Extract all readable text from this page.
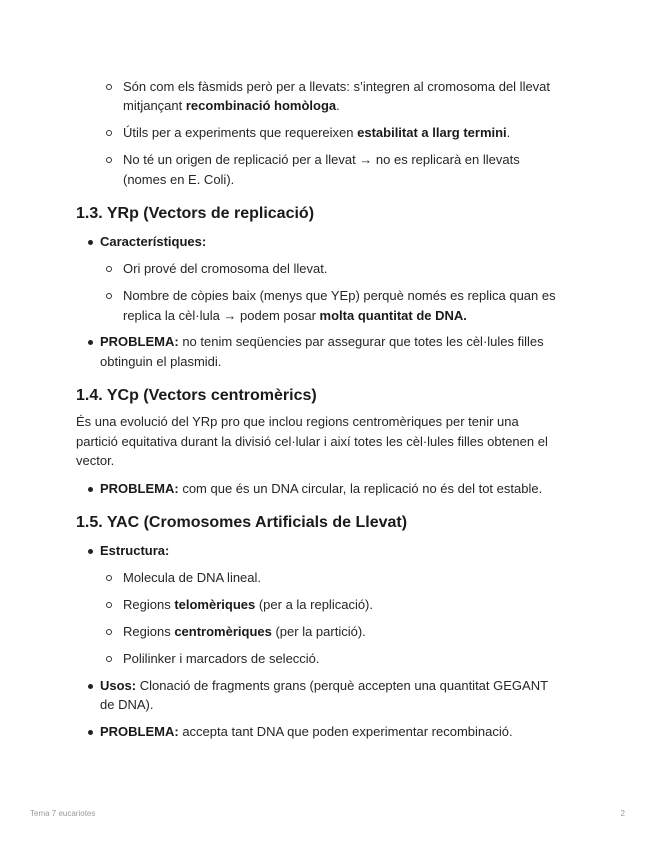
Són com els fàsmids però per a llevats: s’integren al cromosoma del llevat
mitjançant recombinació homòloga.
Útils per a experiments que requereixen estabilitat a llarg termini.
No té un origen de replicació per a llevat → no es replicarà en llevats
(nomes en E. Coli).
1.3. YRp (Vectors de replicació)
Característiques:
Ori prové del cromosoma del llevat.
Nombre de còpies baix (menys que YEp) perquè només es replica quan es
replica la cèl·lula → podem posar molta quantitat de DNA.
PROBLEMA: no tenim seqüencies par assegurar que totes les cèl·lules filles
obtinguin el plasmidi.
1.4. YCp (Vectors centromèrics)
És una evolució del YRp pro que inclou regions centromèriques per tenir una
partició equitativa durant la divisió cel·lular i així totes les cèl·lules filles obtenen el
vector.
PROBLEMA: com que és un DNA circular, la replicació no és del tot estable.
1.5. YAC (Cromosomes Artificials de Llevat)
Estructura:
Molecula de DNA lineal.
Regions telomèriques (per a la replicació).
Regions centromèriques (per la partició).
Polilinker i marcadors de selecció.
Usos: Clonació de fragments grans (perquè accepten una quantitat GEGANT
de DNA).
PROBLEMA: accepta tant DNA que poden experimentar recombinació.
Tema 7 eucariotes	2
